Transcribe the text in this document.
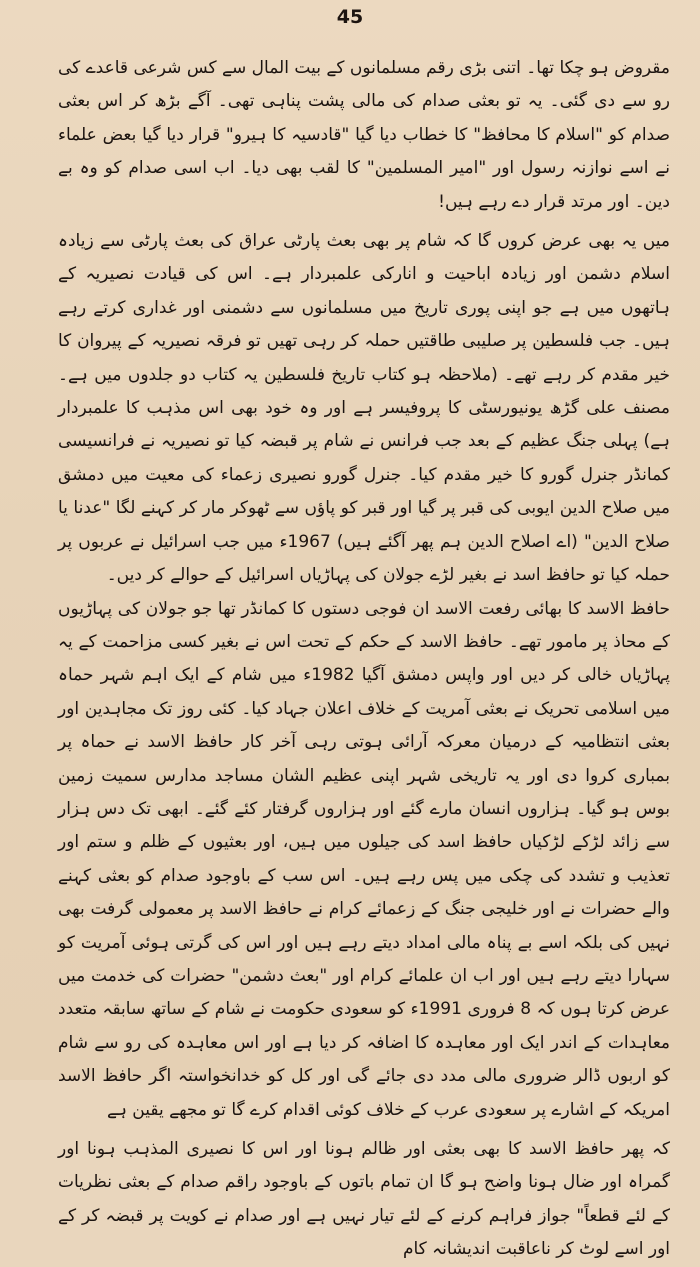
45

مقروض ہو چکا تھا۔ اتنی بڑی رقم مسلمانوں کے بیت المال سے کس شرعی قاعدے کی رو سے دی گئی۔ یہ تو بعثی صدام کی مالی پشت پناہی تھی۔ آگے بڑھ کر اس بعثی صدام کو "اسلام کا محافظ" کا خطاب دیا گیا "قادسیہ کا ہیرو" قرار دیا گیا بعض علماء نے اسے نوازنہ رسول اور "امیر المسلمین" کا لقب بھی دیا۔ اب اسی صدام کو وہ بے دین۔ اور مرتد قرار دے رہے ہیں!

میں یہ بھی عرض کروں گا کہ شام پر بھی بعث پارٹی عراق کی بعث پارٹی سے زیادہ اسلام دشمن اور زیادہ اباحیت و انارکی علمبردار ہے۔ اس کی قیادت نصیریہ کے ہاتھوں میں ہے جو اپنی پوری تاریخ میں مسلمانوں سے دشمنی اور غداری کرتے رہے ہیں۔ جب فلسطین پر صلیبی طاقتیں حملہ کر رہی تھیں تو فرقہ نصیریہ کے پیروان کا خیر مقدم کر رہے تھے۔ (ملاحظہ ہو کتاب تاریخ فلسطین یہ کتاب دو جلدوں میں ہے۔ مصنف علی گڑھ یونیورسٹی کا پروفیسر ہے اور وہ خود بھی اس مذہب کا علمبردار ہے) پہلی جنگ عظیم کے بعد جب فرانس نے شام پر قبضہ کیا تو نصیریہ نے فرانسیسی کمانڈر جنرل گورو کا خیر مقدم کیا۔ جنرل گورو نصیری زعماء کی معیت میں دمشق میں صلاح الدین ایوبی کی قبر پر گیا اور قبر کو پاؤں سے ٹھوکر مار کر کہنے لگا "عدنا یا صلاح الدین" (اے اصلاح الدین ہم پھر آگئے ہیں) 1967ء میں جب اسرائیل نے عربوں پر حملہ کیا تو حافظ اسد نے بغیر لڑے جولان کی پہاڑیاں اسرائیل کے حوالے کر دیں۔

حافظ الاسد کا بھائی رفعت الاسد ان فوجی دستوں کا کمانڈر تھا جو جولان کی پہاڑیوں کے محاذ پر مامور تھے۔ حافظ الاسد کے حکم کے تحت اس نے بغیر کسی مزاحمت کے یہ پہاڑیاں خالی کر دیں اور واپس دمشق آگیا 1982ء میں شام کے ایک اہم شہر حماہ میں اسلامی تحریک نے بعثی آمریت کے خلاف اعلان جہاد کیا۔ کئی روز تک مجاہدین اور بعثی انتظامیہ کے درمیان معرکہ آرائی ہوتی رہی آخر کار حافظ الاسد نے حماہ پر بمباری کروا دی اور یہ تاریخی شہر اپنی عظیم الشان مساجد مدارس سمیت زمین بوس ہو گیا۔ ہزاروں انسان مارے گئے اور ہزاروں گرفتار کئے گئے۔ ابھی تک دس ہزار سے زائد لڑکے لڑکیاں حافظ اسد کی جیلوں میں ہیں، اور بعثیوں کے ظلم و ستم اور تعذیب و تشدد کی چکی میں پس رہے ہیں۔ اس سب کے باوجود صدام کو بعثی کہنے والے حضرات نے اور خلیجی جنگ کے زعمائے کرام نے حافظ الاسد پر معمولی گرفت بھی نہیں کی بلکہ اسے بے پناہ مالی امداد دیتے رہے ہیں اور اس کی گرتی ہوئی آمریت کو سہارا دیتے رہے ہیں اور اب ان علمائے کرام اور "بعث دشمن" حضرات کی خدمت میں عرض کرتا ہوں کہ 8 فروری 1991ء کو سعودی حکومت نے شام کے ساتھ سابقہ متعدد معاہدات کے اندر ایک اور معاہدہ کا اضافہ کر دیا ہے اور اس معاہدہ کی رو سے شام کو اربوں ڈالر ضروری مالی مدد دی جائے گی اور کل کو خدانخواستہ اگر حافظ الاسد امریکہ کے اشارے پر سعودی عرب کے خلاف کوئی اقدام کرے گا تو مجھے یقین ہے

کہ پھر حافظ الاسد کا بھی بعثی اور ظالم ہونا اور اس کا نصیری المذہب ہونا اور گمراہ اور ضال ہونا واضح ہو گا ان تمام باتوں کے باوجود راقم صدام کے بعثی نظریات کے لئے قطعاً" جواز فراہم کرنے کے لئے تیار نہیں ہے اور صدام نے کویت پر قبضہ کر کے اور اسے لوٹ کر ناعاقبت اندیشانہ کام
